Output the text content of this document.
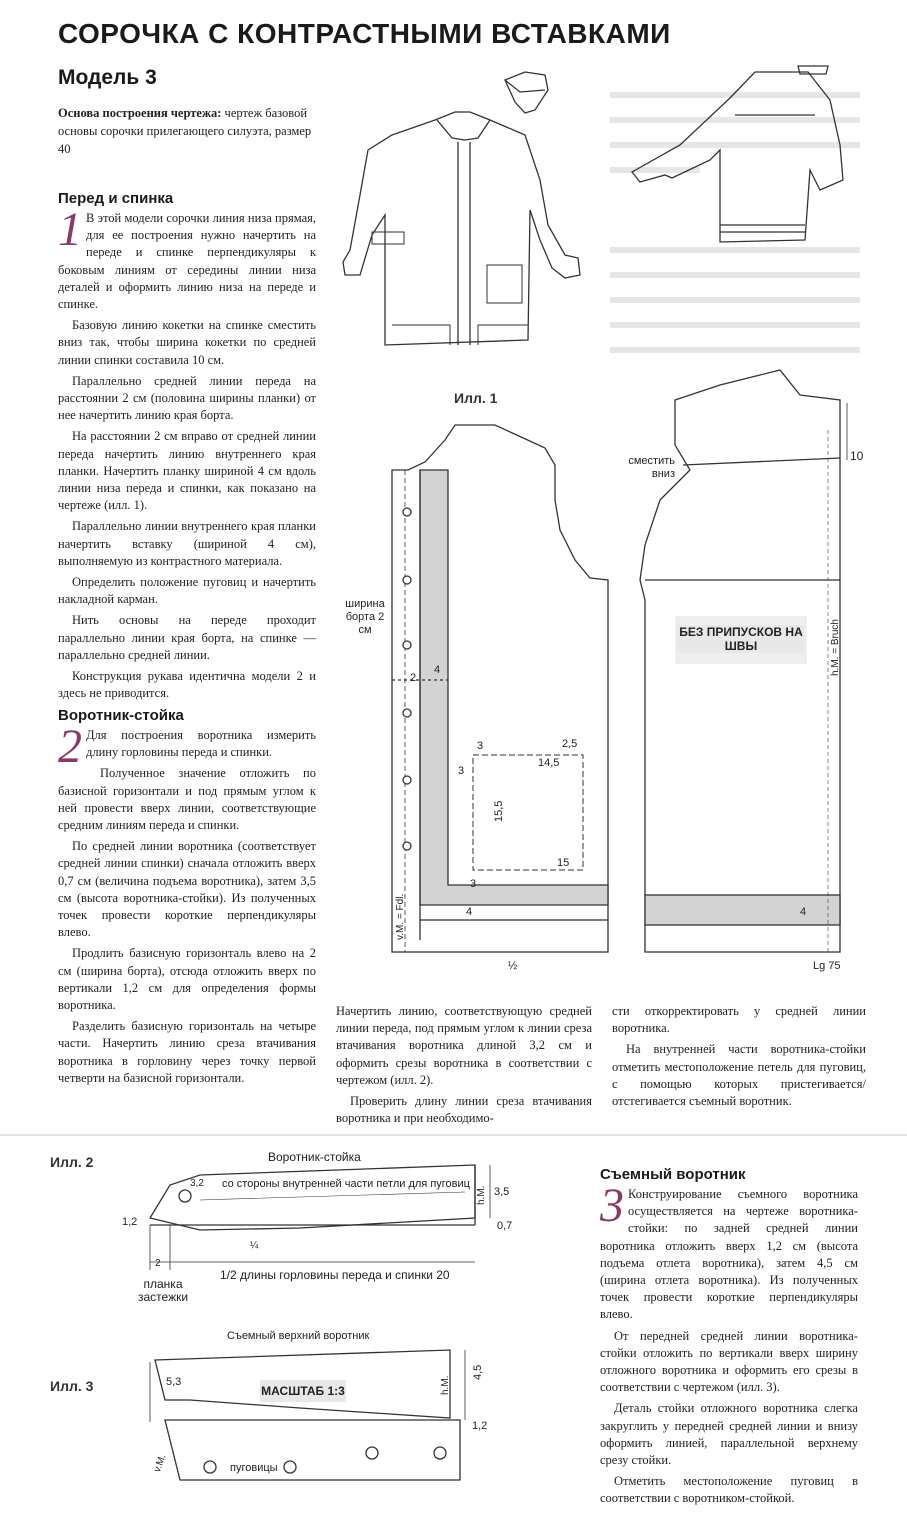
СОРОЧКА С КОНТРАСТНЫМИ ВСТАВКАМИ
Модель 3
Основа построения чертежа: чертеж базовой основы сорочки прилегающего силуэта, размер 40
Перед и спинка

1 В этой модели сорочки линия низа прямая, для ее построения нужно начертить на переде и спинке перпендикуляры к боковым линиям от середины линии низа деталей и оформить линию низа на переде и спинке.

Базовую линию кокетки на спинке сместить вниз так, чтобы ширина кокетки по средней линии спинки составила 10 см.

Параллельно средней линии переда на расстоянии 2 см (половина ширины планки) от нее начертить линию края борта.

На расстоянии 2 см вправо от средней линии переда начертить линию внутреннего края планки. Начертить планку шириной 4 см вдоль линии низа переда и спинки, как показано на чертеже (илл. 1).

Параллельно линии внутреннего края планки начертить вставку (шириной 4 см), выполняемую из контрастного материала.

Определить положение пуговиц и начертить накладной карман.

Нить основы на переде проходит параллельно линии края борта, на спинке — параллельно средней линии.

Конструкция рукава идентична модели 2 и здесь не приводится.

Воротник-стойка

2 Для построения воротника измерить длину горловины переда и спинки.

Полученное значение отложить по базисной горизонтали и под прямым углом к ней провести вверх линии, соответствующие средним линиям переда и спинки.

По средней линии воротника (соответствует средней линии спинки) сначала отложить вверх 0,7 см (величина подъема воротника), затем 3,5 см (высота воротника-стойки). Из полученных точек провести короткие перпендикуляры влево.

Продлить базисную горизонталь влево на 2 см (ширина борта), отсюда отложить вверх по вертикали 1,2 см для определения формы воротника.

Разделить базисную горизонталь на четыре части. Начертить линию среза втачивания воротника в горловину через точку первой четверти на базисной горизонтали.

Начертить линию, соответствующую средней линии переда, под прямым углом к линии среза втачивания воротника длиной 3,2 см и оформить срезы воротника в соответствии с чертежом (илл. 2).

Проверить длину линии среза втачивания воротника и при необходимо-

сти откорректировать у средней линии воротника.

На внутренней части воротника-стойки отметить местоположение петель для пуговиц, с помощью которых пристегивается/отстегивается съемный воротник.

Съемный воротник

3 Конструирование съемного воротника осуществляется на чертеже воротника-стойки: по задней средней линии воротника отложить вверх 1,2 см (высота подъема отлета воротника), затем 4,5 см (ширина отлета воротника). Из полученных точек провести короткие перпендикуляры влево.

От передней средней линии воротника-стойки отложить по вертикали вверх ширину отложного воротника и оформить его срезы в соответствии с чертежом (илл. 3).

Деталь стойки отложного воротника слегка закруглить у передней средней линии и внизу оформить линией, параллельной верхнему срезу стойки.

Отметить местоположение пуговиц в соответствии с воротником-стойкой.

Илл. 1
сместить вниз
10
ширина борта 2 см	БЕЗ ПРИПУСКОВ НА ШВЫ	h.M. = Bruch
v.M. = Fdl.
Lg 75
2
4
3
3
2,5
14,5
15,5
15
3
4	4
½
Илл. 2	Воротник-стойка
со стороны внутренней части петли для пуговиц
3,2
1,2
¼
2
3,5
0,7
h.M.
планка застежки
1/2 длины горловины переда и спинки 20
Илл. 3
Съемный верхний воротник
МАСШТАБ 1:3
5,3
4,5
1,2
h.M.
v.M.	пуговицы
